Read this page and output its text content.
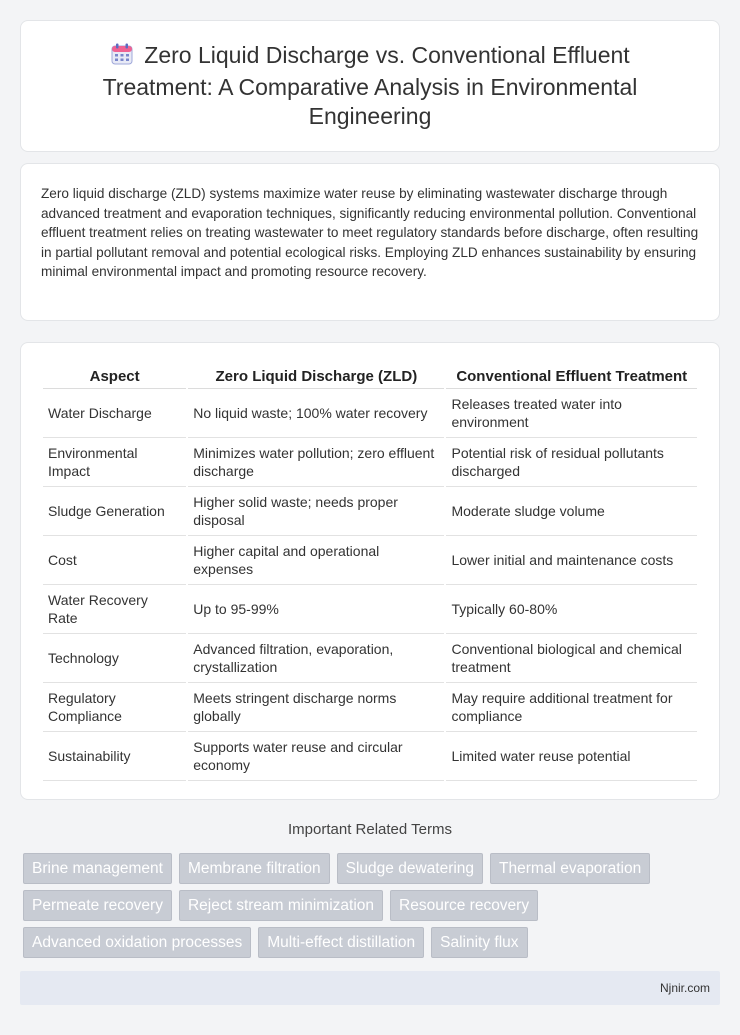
Zero Liquid Discharge vs. Conventional Effluent Treatment: A Comparative Analysis in Environmental Engineering

Zero liquid discharge (ZLD) systems maximize water reuse by eliminating wastewater discharge through advanced treatment and evaporation techniques, significantly reducing environmental pollution. Conventional effluent treatment relies on treating wastewater to meet regulatory standards before discharge, often resulting in partial pollutant removal and potential ecological risks. Employing ZLD enhances sustainability by ensuring minimal environmental impact and promoting resource recovery.

Aspect	Zero Liquid Discharge (ZLD)	Conventional Effluent Treatment
Water Discharge	No liquid waste; 100% water recovery	Releases treated water into environment
Environmental Impact	Minimizes water pollution; zero effluent discharge	Potential risk of residual pollutants discharged
Sludge Generation	Higher solid waste; needs proper disposal	Moderate sludge volume
Cost	Higher capital and operational expenses	Lower initial and maintenance costs
Water Recovery Rate	Up to 95-99%	Typically 60-80%
Technology	Advanced filtration, evaporation, crystallization	Conventional biological and chemical treatment
Regulatory Compliance	Meets stringent discharge norms globally	May require additional treatment for compliance
Sustainability	Supports water reuse and circular economy	Limited water reuse potential
Important Related Terms
Brine management	Membrane filtration	Sludge dewatering	Thermal evaporation
Permeate recovery	Reject stream minimization	Resource recovery
Advanced oxidation processes	Multi-effect distillation	Salinity flux
Njnir.com
